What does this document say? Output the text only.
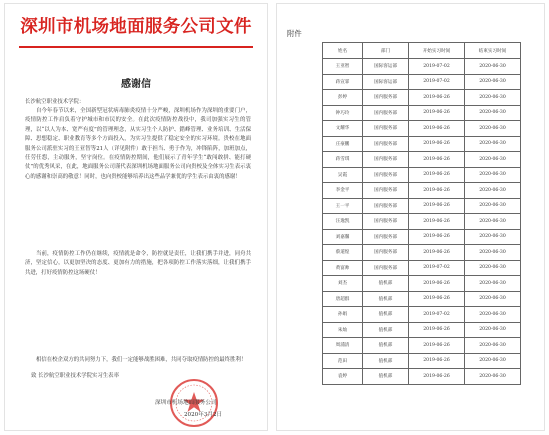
深圳市机场地面服务公司文件
感谢信
长沙航空职业技术学院：

自今年春节以来，全国新型冠状病毒肺炎疫情十分严峻，深圳机场作为深圳的重要门户，疫情防控工作肩负着守护城市和市民的安全。在此次疫情防控战役中，我司加强实习生的管理，以“以人为本、宽严有度”的管理理念，从实习生个人防护、錯峰管理、业务培训、生活保障、思想稳定、职业教育等多个方面投入，为实习生提供了稳定安全的实习环境。贵校在地面服务公司派驻实习的王亚智等21人（详见附件）敢于担当、勇于作为，冲锋陷阵，加班加点，任劳任怨，主动服务，坚守岗位。在疫情防控期间，他们展示了青年学生“敢闯敢拼、能打硬仗”的优秀风采，在此，地面服务公司谨代表深圳机场地面服务公司向贵校及全体实习生表示衷心的感谢和崇高的敬意！同时，也向贵校能够培养出这些品学兼优的学生表示由衷的感谢！

当前，疫情防控工作仍在继续，疫情就是命令，防控就是责任，让我们携手并进，同舟共济，坚定信心，以更加坚决的态度、更加有力的措施，把各项防控工作落实落细，让我们携手共进，打好疫情防控这场硬仗！

相信在校企双方的共同努力下，我们一定能够战胜困难，共同夺取疫情防控的最终胜利！

致 长沙航空职业技术学院实习生表率
深圳市机场地面服务公司
2020年3月2日
附件
姓名	部门	开始实习时间	结束实习时间
王亚智	国际客运部	2019-07-02	2020-06-30
蒋宣霏	国际客运部	2019-07-02	2020-06-30
彭婷	国内服务部	2019-06-26	2020-06-30
钟巧玲	国内服务部	2019-06-26	2020-06-30
文耀华	国内服务部	2019-06-26	2020-06-30
庄豪鹏	国内服务部	2019-06-26	2020-06-30
蒋雪琪	国内服务部	2019-06-26	2020-06-30
吴霞	国内服务部	2019-06-26	2020-06-30
李金平	国内服务部	2019-06-26	2020-06-30
王一平	国内服务部	2019-06-26	2020-06-30
汪逸凯	国内服务部	2019-06-26	2020-06-30
刘嘉馨	国内服务部	2019-06-26	2020-06-30
蔡道煌	国内服务部	2019-06-26	2020-06-30
黄富帅	国内服务部	2019-07-02	2020-06-30
刘杰	值机部	2019-06-26	2020-06-30
唐超群	值机部	2019-06-26	2020-06-30
孙娟	值机部	2019-07-02	2020-06-30
朱灿	值机部	2019-06-26	2020-06-30
周浦清	值机部	2019-06-26	2020-06-30
范田	值机部	2019-06-26	2020-06-30
袁婷	值机部	2019-06-26	2020-06-30
